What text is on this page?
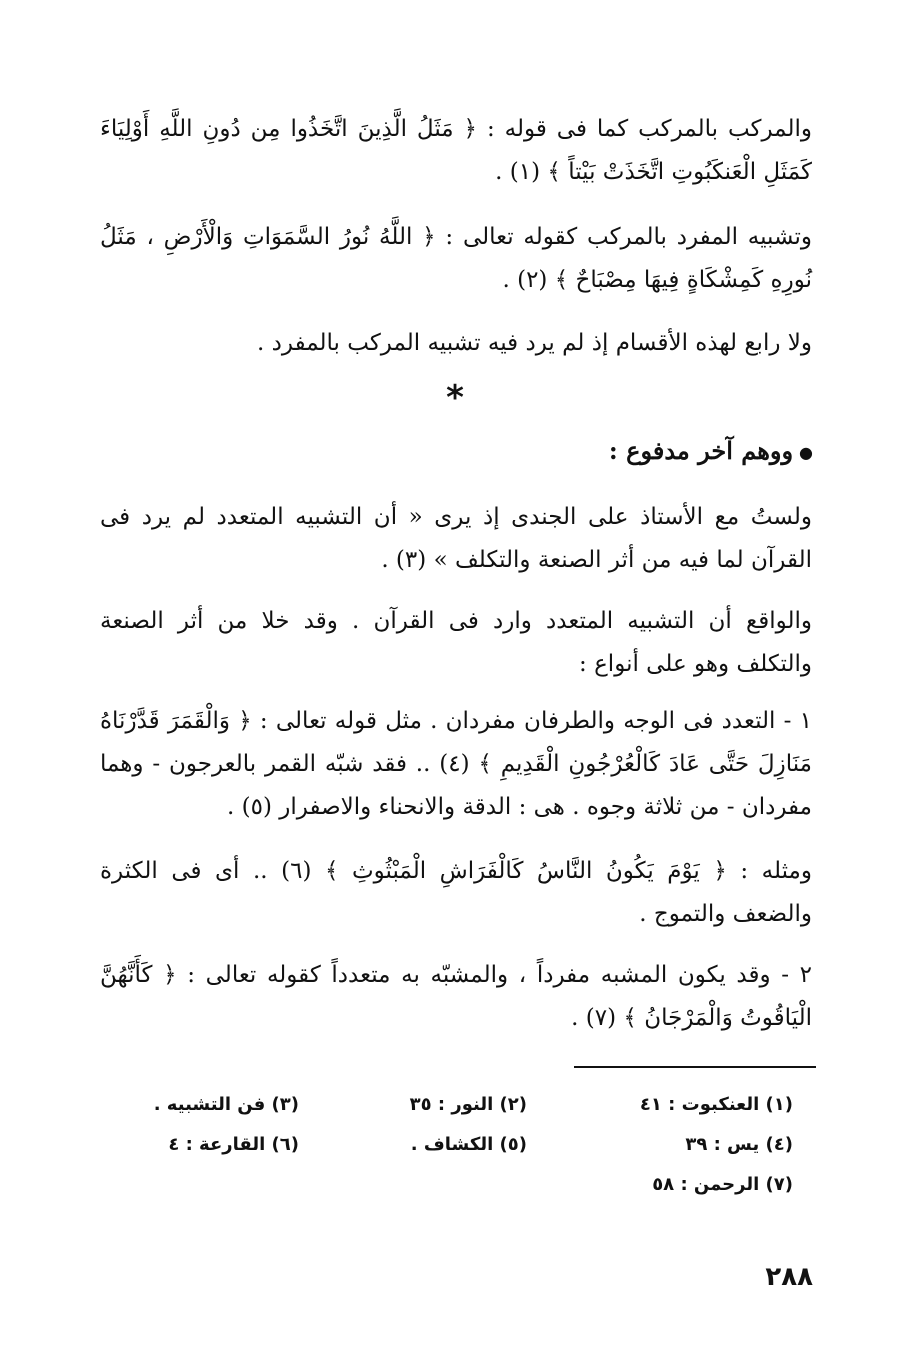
والمركب بالمركب كما فى قوله : ﴿ مَثَلُ الَّذِينَ اتَّخَذُوا مِن دُونِ اللَّهِ أَوْلِيَاءَ كَمَثَلِ الْعَنكَبُوتِ اتَّخَذَتْ بَيْتاً ﴾ (١) .

وتشبيه المفرد بالمركب كقوله تعالى : ﴿ اللَّهُ نُورُ السَّمَوَاتِ وَالْأَرْضِ ، مَثَلُ نُورِهِ كَمِشْكَاةٍ فِيهَا مِصْبَاحٌ ﴾ (٢) .

ولا رابع لهذه الأقسام إذ لم يرد فيه تشبيه المركب بالمفرد .

*
●ووهم آخر مدفوع :

ولستُ مع الأستاذ على الجندى إذ يرى « أن التشبيه المتعدد لم يرد فى القرآن لما فيه من أثر الصنعة والتكلف » (٣) .

والواقع أن التشبيه المتعدد وارد فى القرآن . وقد خلا من أثر الصنعة والتكلف وهو على أنواع :

١ - التعدد فى الوجه والطرفان مفردان . مثل قوله تعالى : ﴿ وَالْقَمَرَ قَدَّرْنَاهُ مَنَازِلَ حَتَّى عَادَ كَالْعُرْجُونِ الْقَدِيمِ ﴾ (٤) .. فقد شبّه القمر بالعرجون - وهما مفردان - من ثلاثة وجوه . هى : الدقة والانحناء والاصفرار (٥) .

ومثله : ﴿ يَوْمَ يَكُونُ النَّاسُ كَالْفَرَاشِ الْمَبْثُوثِ ﴾ (٦) .. أى فى الكثرة والضعف والتموج .

٢ - وقد يكون المشبه مفرداً ، والمشبّه به متعدداً كقوله تعالى : ﴿ كَأَنَّهُنَّ الْيَاقُوتُ وَالْمَرْجَانُ ﴾ (٧) .

(١) العنكبوت : ٤١
(٢) النور : ٣٥
(٣) فن التشبيه .
(٤) يس : ٣٩
(٥) الكشاف .
(٦) القارعة : ٤
(٧) الرحمن : ٥٨
٢٨٨
